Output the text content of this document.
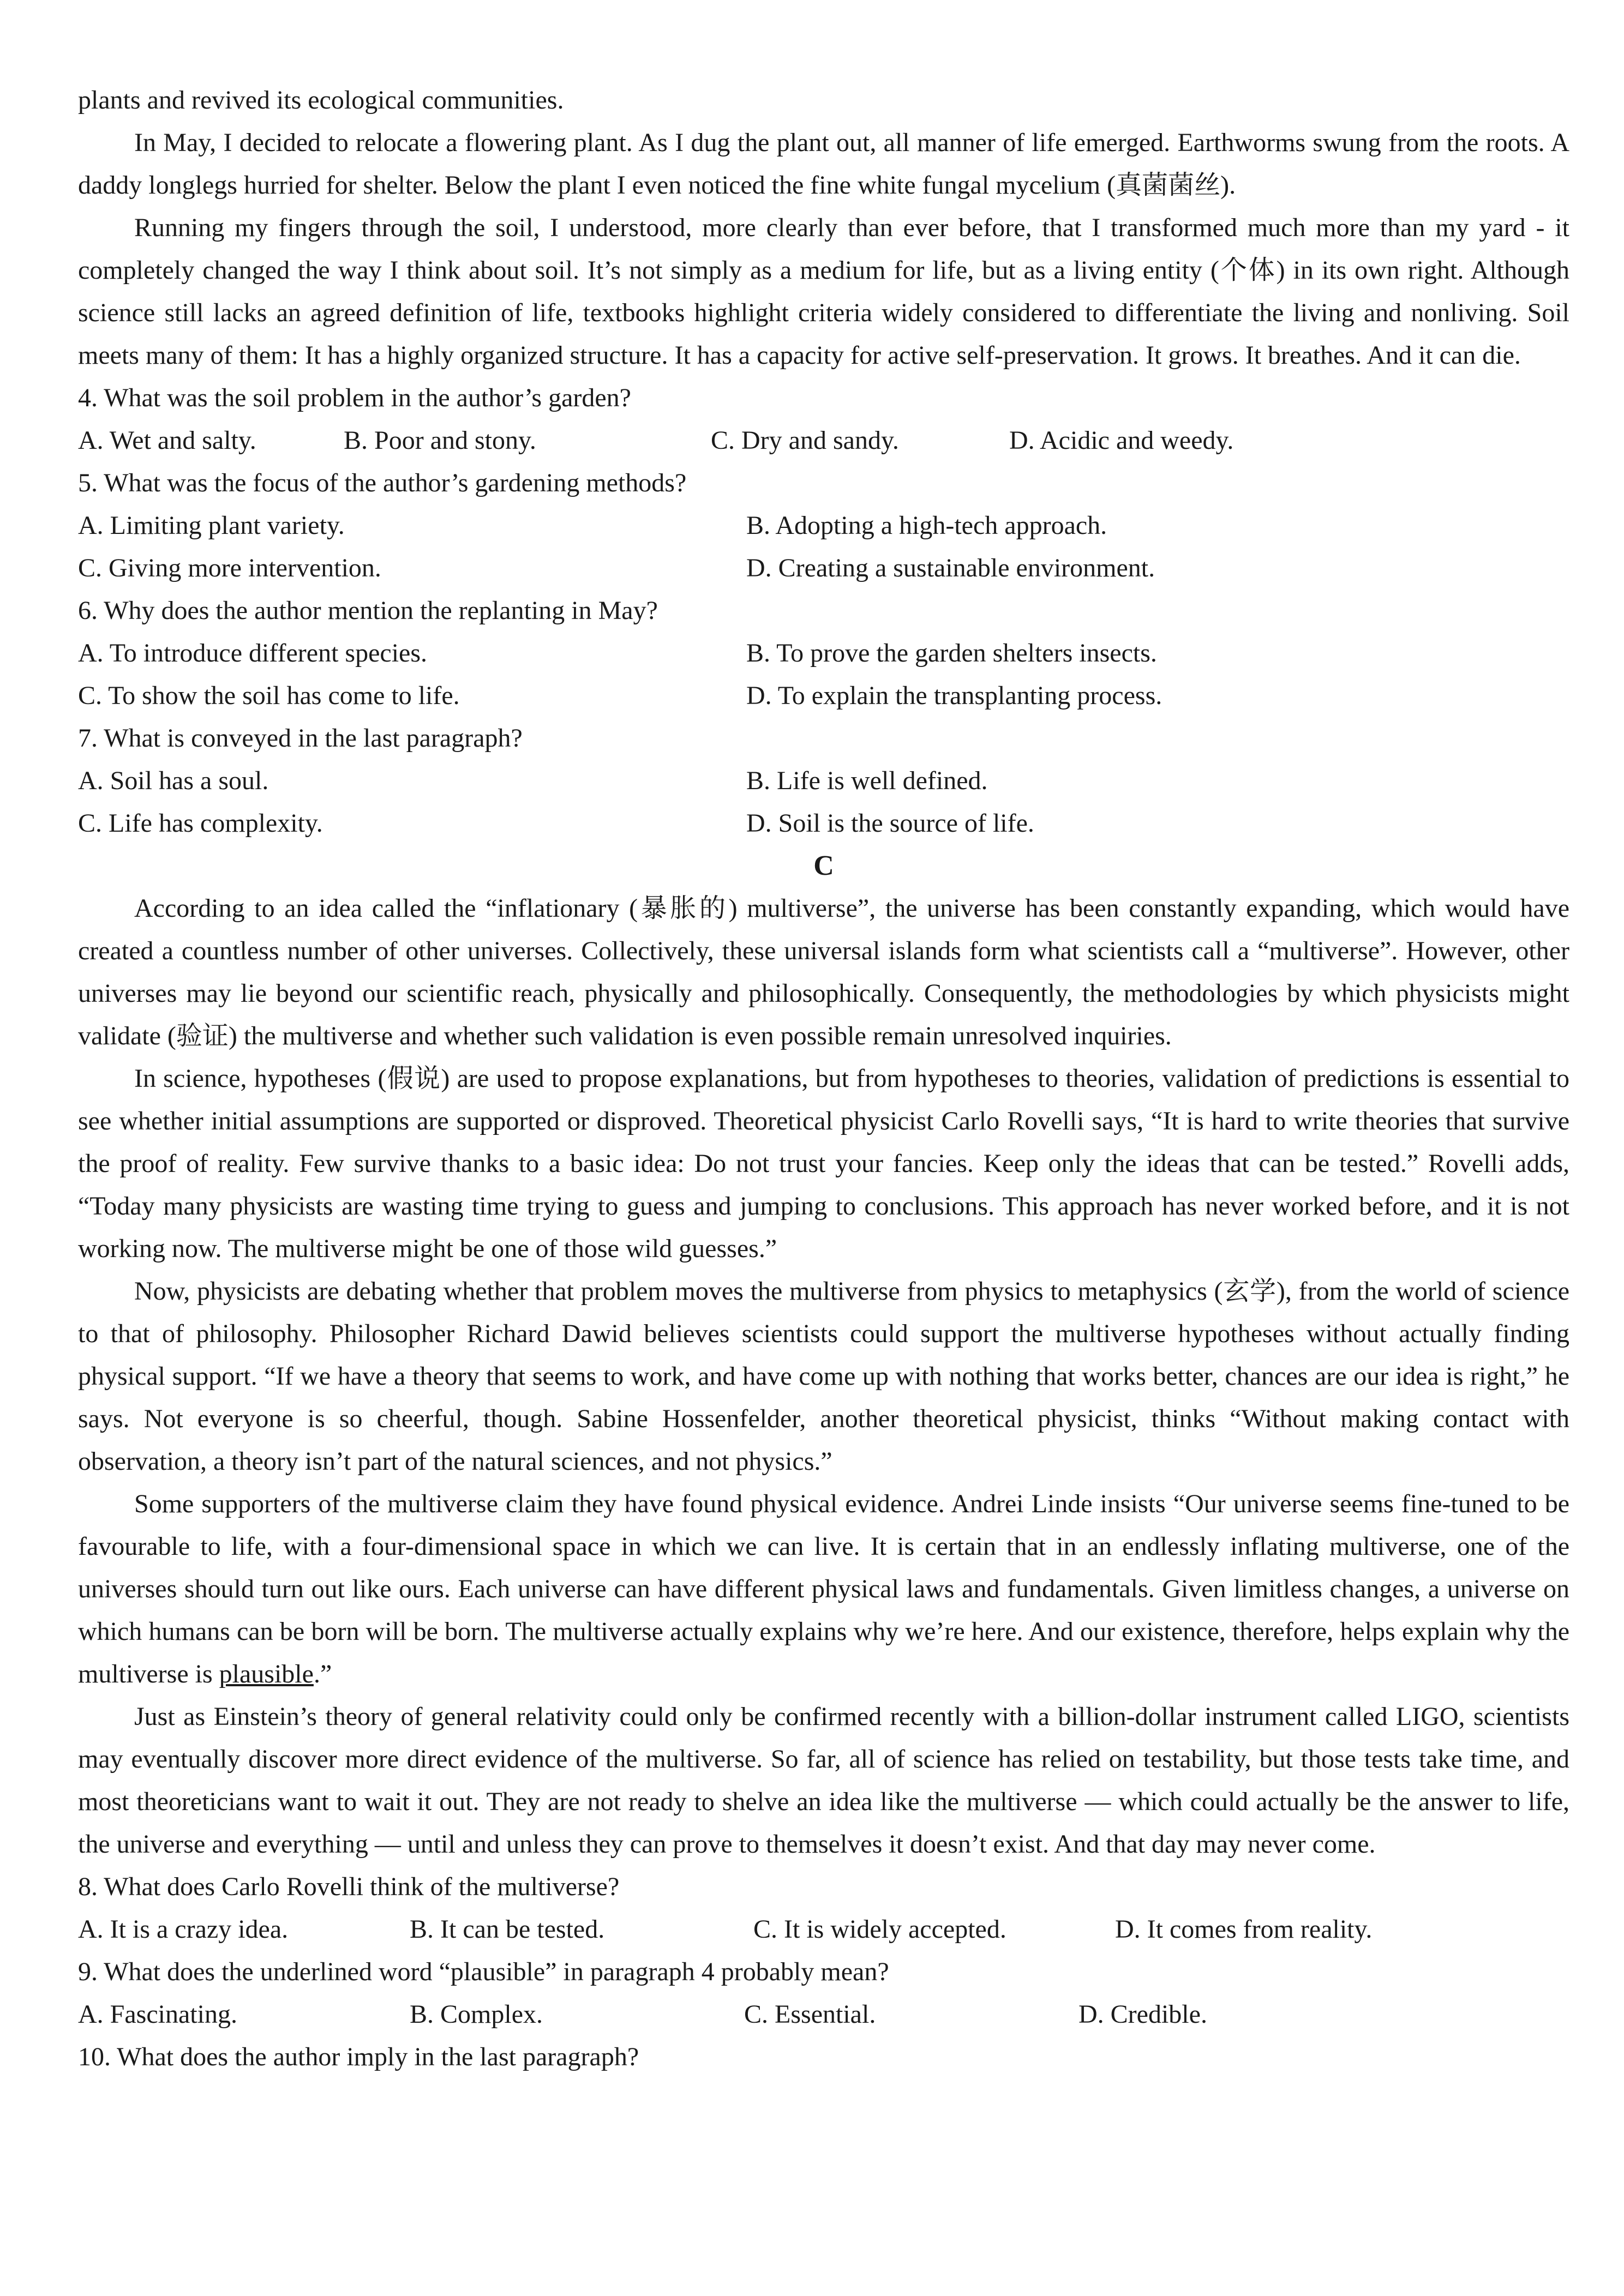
plants and revived its ecological communities.

In May, I decided to relocate a flowering plant. As I dug the plant out, all manner of life emerged. Earthworms swung from the roots. A daddy longlegs hurried for shelter. Below the plant I even noticed the fine white fungal mycelium (真菌菌丝).

Running my fingers through the soil, I understood, more clearly than ever before, that I transformed much more than my yard - it completely changed the way I think about soil. It’s not simply as a medium for life, but as a living entity (个体) in its own right. Although science still lacks an agreed definition of life, textbooks highlight criteria widely considered to differentiate the living and nonliving. Soil meets many of them: It has a highly organized structure. It has a capacity for active self-preservation. It grows. It breathes. And it can die.

4. What was the soil problem in the author’s garden?
A. Wet and salty.	B. Poor and stony.	C. Dry and sandy.	D. Acidic and weedy.
5. What was the focus of the author’s gardening methods?
A. Limiting plant variety.	B. Adopting a high-tech approach.
C. Giving more intervention.	D. Creating a sustainable environment.
6. Why does the author mention the replanting in May?
A. To introduce different species.	B. To prove the garden shelters insects.
C. To show the soil has come to life.	D. To explain the transplanting process.
7. What is conveyed in the last paragraph?
A. Soil has a soul.	B. Life is well defined.
C. Life has complexity.	D. Soil is the source of life.
C

According to an idea called the “inflationary (暴胀的) multiverse”, the universe has been constantly expanding, which would have created a countless number of other universes. Collectively, these universal islands form what scientists call a “multiverse”. However, other universes may lie beyond our scientific reach, physically and philosophically. Consequently, the methodologies by which physicists might validate (验证) the multiverse and whether such validation is even possible remain unresolved inquiries.

In science, hypotheses (假说) are used to propose explanations, but from hypotheses to theories, validation of predictions is essential to see whether initial assumptions are supported or disproved. Theoretical physicist Carlo Rovelli says, “It is hard to write theories that survive the proof of reality. Few survive thanks to a basic idea: Do not trust your fancies. Keep only the ideas that can be tested.” Rovelli adds, “Today many physicists are wasting time trying to guess and jumping to conclusions. This approach has never worked before, and it is not working now. The multiverse might be one of those wild guesses.”

Now, physicists are debating whether that problem moves the multiverse from physics to metaphysics (玄学), from the world of science to that of philosophy. Philosopher Richard Dawid believes scientists could support the multiverse hypotheses without actually finding physical support. “If we have a theory that seems to work, and have come up with nothing that works better, chances are our idea is right,” he says. Not everyone is so cheerful, though. Sabine Hossenfelder, another theoretical physicist, thinks “Without making contact with observation, a theory isn’t part of the natural sciences, and not physics.”

Some supporters of the multiverse claim they have found physical evidence. Andrei Linde insists “Our universe seems fine-tuned to be favourable to life, with a four-dimensional space in which we can live. It is certain that in an endlessly inflating multiverse, one of the universes should turn out like ours. Each universe can have different physical laws and fundamentals. Given limitless changes, a universe on which humans can be born will be born. The multiverse actually explains why we’re here. And our existence, therefore, helps explain why the multiverse is plausible.”

Just as Einstein’s theory of general relativity could only be confirmed recently with a billion-dollar instrument called LIGO, scientists may eventually discover more direct evidence of the multiverse. So far, all of science has relied on testability, but those tests take time, and most theoreticians want to wait it out. They are not ready to shelve an idea like the multiverse — which could actually be the answer to life, the universe and everything — until and unless they can prove to themselves it doesn’t exist. And that day may never come.

8. What does Carlo Rovelli think of the multiverse?
A. It is a crazy idea.	B. It can be tested.	C. It is widely accepted.	D. It comes from reality.
9. What does the underlined word “plausible” in paragraph 4 probably mean?
A. Fascinating.	B. Complex.	C. Essential.	D. Credible.
10. What does the author imply in the last paragraph?
